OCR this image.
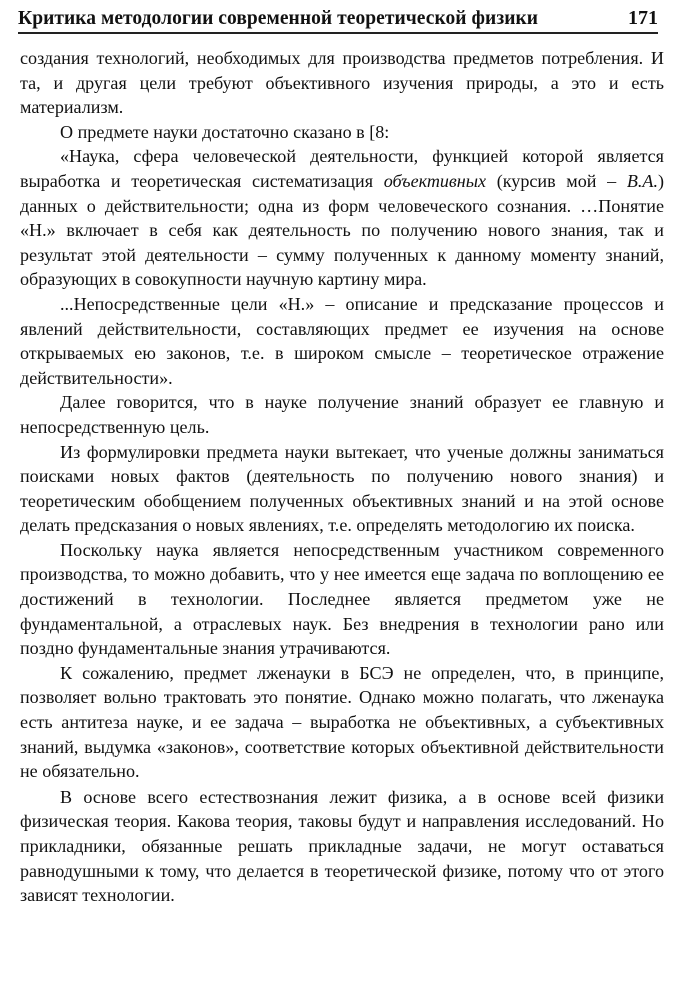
Критика методологии современной теоретической физики	171

создания технологий, необходимых для производства предметов потребления. И та, и другая цели требуют объективного изучения природы, а это и есть материализм.

О предмете науки достаточно сказано в [8:

«Наука, сфера человеческой деятельности, функцией которой является выработка и теоретическая систематизация объективных (курсив мой – В.А.) данных о действительности; одна из форм человеческого сознания. …Понятие «Н.» включает в себя как деятельность по получению нового знания, так и результат этой деятельности – сумму полученных к данному моменту знаний, образующих в совокупности научную картину мира.

...Непосредственные цели «Н.» – описание и предсказание процессов и явлений действительности, составляющих предмет ее изучения на основе открываемых ею законов, т.е. в широком смысле – теоретическое отражение действительности».

Далее говорится, что в науке получение знаний образует ее главную и непосредственную цель.

Из формулировки предмета науки вытекает, что ученые должны заниматься поисками новых фактов (деятельность по получению нового знания) и теоретическим обобщением полученных объективных знаний и на этой основе делать предсказания о новых явлениях, т.е. определять методологию их поиска.

Поскольку наука является непосредственным участником современного производства, то можно добавить, что у нее имеется еще задача по воплощению ее достижений в технологии. Последнее является предметом уже не фундаментальной, а отраслевых наук. Без внедрения в технологии рано или поздно фундаментальные знания утрачиваются.

К сожалению, предмет лженауки в БСЭ не определен, что, в принципе, позволяет вольно трактовать это понятие. Однако можно полагать, что лженаука есть антитеза науке, и ее задача – выработка не объективных, а субъективных знаний, выдумка «законов», соответствие которых объективной действительности не обязательно.

В основе всего естествознания лежит физика, а в основе всей физики физическая теория. Какова теория, таковы будут и направления исследований. Но прикладники, обязанные решать прикладные задачи, не могут оставаться равнодушными к тому, что делается в теоретической физике, потому что от этого зависят технологии.
